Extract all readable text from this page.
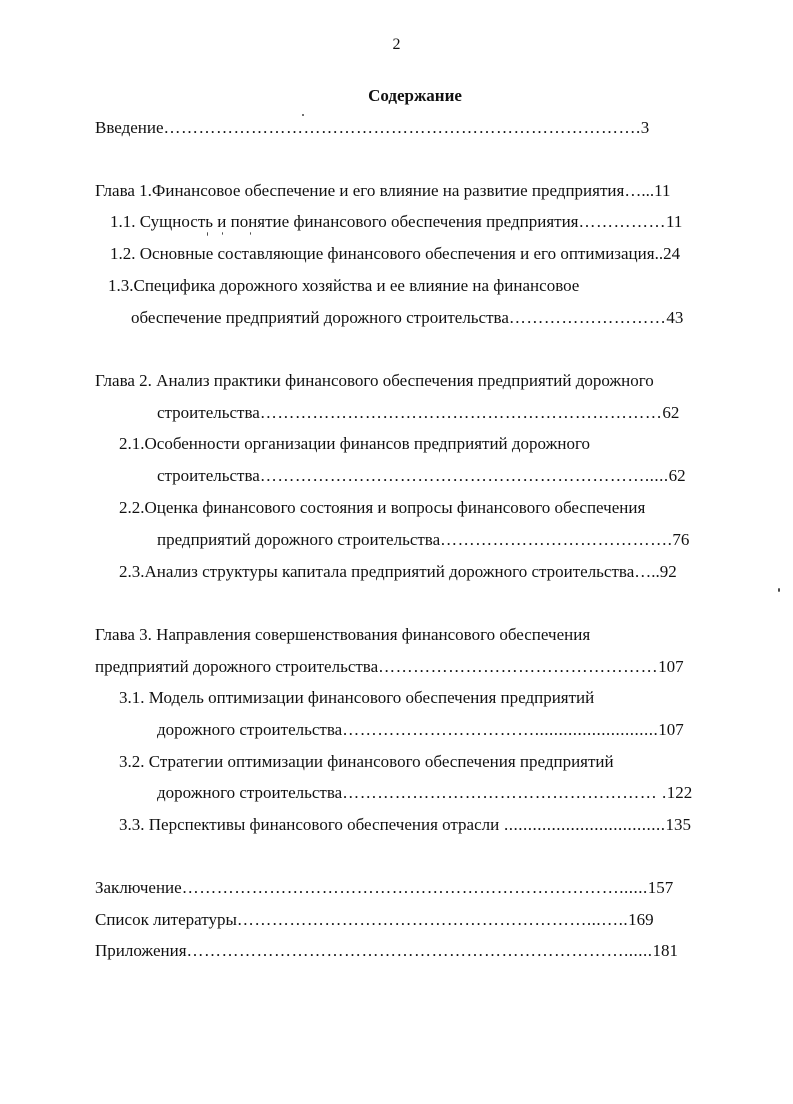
2
Содержание
Введение……………………………………………………………………….3
Глава 1.Финансовое обеспечение и его влияние на развитие предприятия…...11
1.1. Сущность и понятие финансового обеспечения предприятия……………11
1.2. Основные составляющие финансового обеспечения и его оптимизация..24
1.3.Специфика дорожного хозяйства и ее влияние на финансовое
обеспечение предприятий дорожного строительства………………………43
Глава 2. Анализ практики финансового обеспечения предприятий дорожного
строительства……………………………………………………………62
2.1.Особенности организации финансов предприятий дорожного
строительства………………………………………………………….....62
2.2.Оценка финансового состояния и вопросы финансового обеспечения
предприятий дорожного строительства………………………………….76
2.3.Анализ структуры капитала предприятий дорожного строительства…..92
Глава 3. Направления совершенствования финансового обеспечения
предприятий дорожного строительства…………………………………………107
3.1. Модель оптимизации финансового обеспечения предприятий
дорожного строительства……………………………..........................107
3.2. Стратегии оптимизации финансового обеспечения предприятий
дорожного строительства……………………………………………… .122
3.3. Перспективы финансового обеспечения отрасли ..................................135
Заключение…………………………………………………………………......157
Список литературы……………………………………………………...…..169
Приложения…………………………………………………………………......181
